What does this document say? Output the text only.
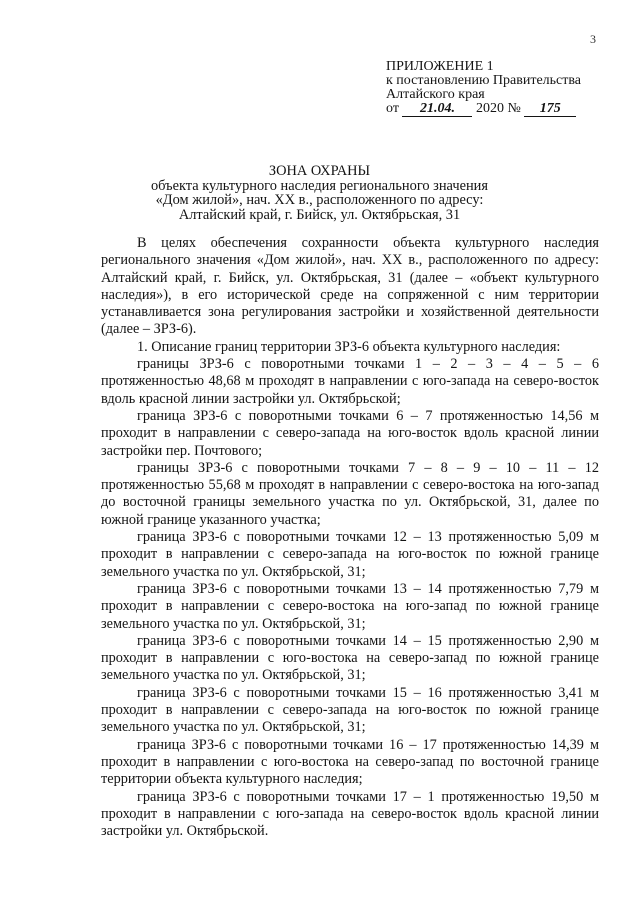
3
ПРИЛОЖЕНИЕ 1
к постановлению Правительства
Алтайского края
от 21.04. 2020 № 175
ЗОНА ОХРАНЫ
объекта культурного наследия регионального значения
«Дом жилой», нач. XX в., расположенного по адресу:
Алтайский край, г. Бийск, ул. Октябрьская, 31

В целях обеспечения сохранности объекта культурного наследия регионального значения «Дом жилой», нач. XX в., расположенного по адресу: Алтайский край, г. Бийск, ул. Октябрьская, 31 (далее – «объект культурного наследия»), в его исторической среде на сопряженной с ним территории устанавливается зона регулирования застройки и хозяйственной деятельности (далее – ЗРЗ-6).

1. Описание границ территории ЗРЗ-6 объекта культурного наследия:

границы ЗРЗ-6 с поворотными точками 1 – 2 – 3 – 4 – 5 – 6 протяженностью 48,68 м проходят в направлении с юго-запада на северо-восток вдоль красной линии застройки ул. Октябрьской;

граница ЗРЗ-6 с поворотными точками 6 – 7 протяженностью 14,56 м проходит в направлении с северо-запада на юго-восток вдоль красной линии застройки пер. Почтового;

границы ЗРЗ-6 с поворотными точками 7 – 8 – 9 – 10 – 11 – 12 протяженностью 55,68 м проходят в направлении с северо-востока на юго-запад до восточной границы земельного участка по ул. Октябрьской, 31, далее по южной границе указанного участка;

граница ЗРЗ-6 с поворотными точками 12 – 13 протяженностью 5,09 м проходит в направлении с северо-запада на юго-восток по южной границе земельного участка по ул. Октябрьской, 31;

граница ЗРЗ-6 с поворотными точками 13 – 14 протяженностью 7,79 м проходит в направлении с северо-востока на юго-запад по южной границе земельного участка по ул. Октябрьской, 31;

граница ЗРЗ-6 с поворотными точками 14 – 15 протяженностью 2,90 м проходит в направлении с юго-востока на северо-запад по южной границе земельного участка по ул. Октябрьской, 31;

граница ЗРЗ-6 с поворотными точками 15 – 16 протяженностью 3,41 м проходит в направлении с северо-запада на юго-восток по южной границе земельного участка по ул. Октябрьской, 31;

граница ЗРЗ-6 с поворотными точками 16 – 17 протяженностью 14,39 м проходит в направлении с юго-востока на северо-запад по восточной границе территории объекта культурного наследия;

граница ЗРЗ-6 с поворотными точками 17 – 1 протяженностью 19,50 м проходит в направлении с юго-запада на северо-восток вдоль красной линии застройки ул. Октябрьской.
